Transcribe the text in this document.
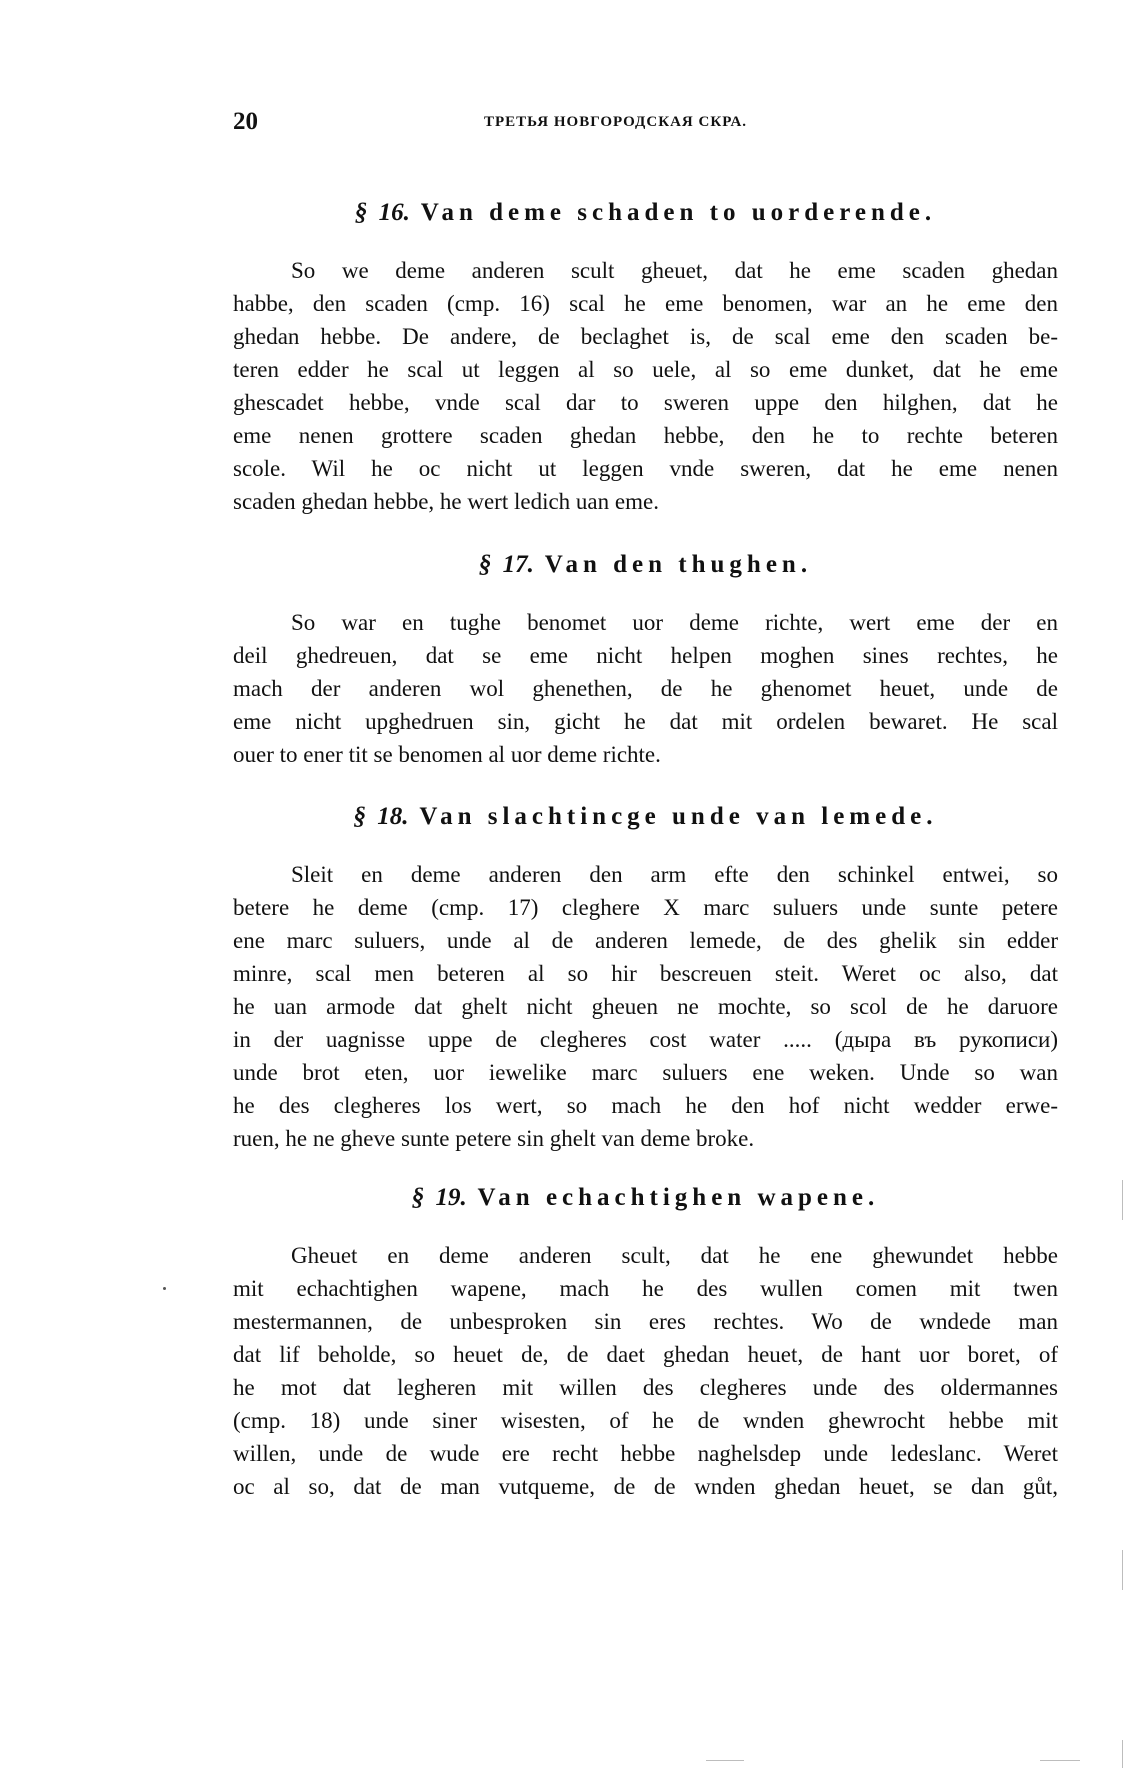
20	ТРЕТЬЯ НОВГОРОДСКАЯ СКРА.
§ 16. Van deme schaden to uorderende.
So we deme anderen scult gheuet, dat he eme scaden ghedan
habbe, den scaden (cmp. 16) scal he eme benomen, war an he eme den
ghedan hebbe. De andere, de beclaghet is, de scal eme den scaden be-
teren edder he scal ut leggen al so uele, al so eme dunket, dat he eme
ghescadet hebbe, vnde scal dar to sweren uppe den hilghen, dat he
eme nenen grottere scaden ghedan hebbe, den he to rechte beteren
scole. Wil he oc nicht ut leggen vnde sweren, dat he eme nenen
scaden ghedan hebbe, he wert ledich uan eme.
§ 17. Van den thughen.
So war en tughe benomet uor deme richte, wert eme der en
deil ghedreuen, dat se eme nicht helpen moghen sines rechtes, he
mach der anderen wol ghenethen, de he ghenomet heuet, unde de
eme nicht upghedruen sin, gicht he dat mit ordelen bewaret. He scal
ouer to ener tit se benomen al uor deme richte.
§ 18. Van slachtincge unde van lemede.
Sleit en deme anderen den arm efte den schinkel entwei, so
betere he deme (cmp. 17) cleghere X marc suluers unde sunte petere
ene marc suluers, unde al de anderen lemede, de des ghelik sin edder
minre, scal men beteren al so hir bescreuen steit. Weret oc also, dat
he uan armode dat ghelt nicht gheuen ne mochte, so scol de he daruore
in der uagnisse uppe de clegheres cost water ..... (дыра въ рукописи)
unde brot eten, uor iewelike marc suluers ene weken. Unde so wan
he des clegheres los wert, so mach he den hof nicht wedder erwe-
ruen, he ne gheve sunte petere sin ghelt van deme broke.
§ 19. Van echachtighen wapene.
Gheuet en deme anderen scult, dat he ene ghewundet hebbe
mit echachtighen wapene, mach he des wullen comen mit twen
mestermannen, de unbesproken sin eres rechtes. Wo de wndede man
dat lif beholde, so heuet de, de daet ghedan heuet, de hant uor boret, of
he mot dat legheren mit willen des clegheres unde des oldermannes
(cmp. 18) unde siner wisesten, of he de wnden ghewrocht hebbe mit
willen, unde de wude ere recht hebbe naghelsdep unde ledeslanc. Weret
oc al so, dat de man vutqueme, de de wnden ghedan heuet, se dan gůt,
